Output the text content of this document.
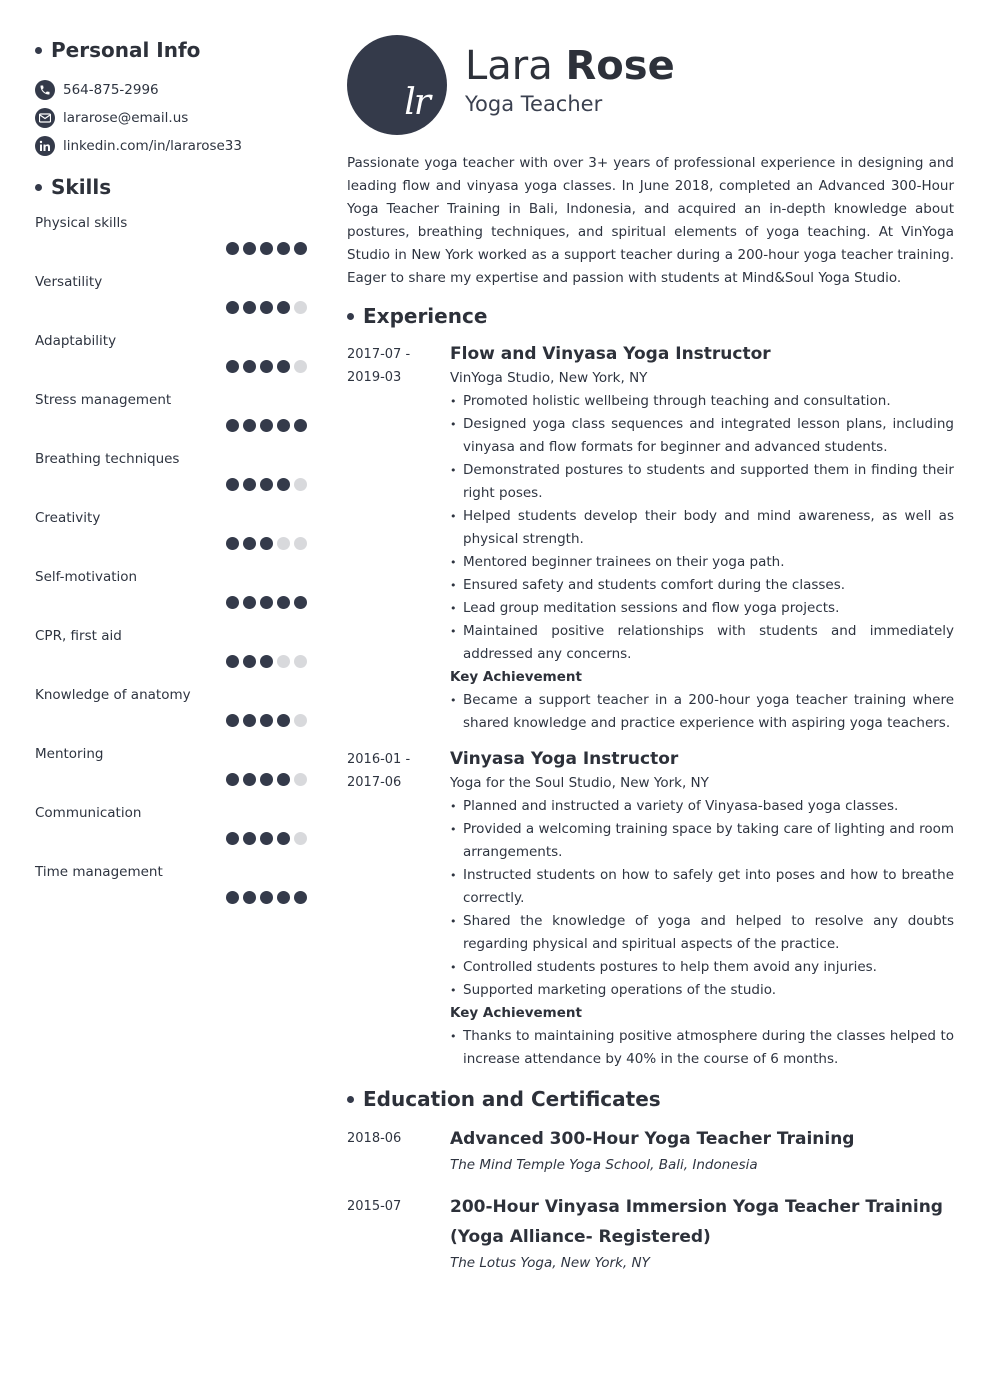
Personal Info
564-875-2996
lararose@email.us
linkedin.com/in/lararose33
Skills
Physical skills
Versatility
Adaptability
Stress management
Breathing techniques
Creativity
Self-motivation
CPR, first aid
Knowledge of anatomy
Mentoring
Communication
Time management
lr
Lara Rose
Yoga Teacher
Passionate yoga teacher with over 3+ years of professional experience in designing and leading flow and vinyasa yoga classes. In June 2018, completed an Advanced 300-Hour Yoga Teacher Training in Bali, Indonesia, and acquired an in-depth knowledge about postures, breathing techniques, and spiritual elements of yoga teaching. At VinYoga Studio in New York worked as a support teacher during a 200-hour yoga teacher training. Eager to share my expertise and passion with students at Mind&Soul Yoga Studio.
Experience
2017-07 -
2019-03
Flow and Vinyasa Yoga Instructor
VinYoga Studio, New York, NY
• Promoted holistic wellbeing through teaching and consultation.
• Designed yoga class sequences and integrated lesson plans, including vinyasa and flow formats for beginner and advanced students.
• Demonstrated postures to students and supported them in finding their right poses.
• Helped students develop their body and mind awareness, as well as physical strength.
• Mentored beginner trainees on their yoga path.
• Ensured safety and students comfort during the classes.
• Lead group meditation sessions and flow yoga projects.
• Maintained positive relationships with students and immediately addressed any concerns.
Key Achievement
• Became a support teacher in a 200-hour yoga teacher training where shared knowledge and practice experience with aspiring yoga teachers.
2016-01 -
2017-06
Vinyasa Yoga Instructor
Yoga for the Soul Studio, New York, NY
• Planned and instructed a variety of Vinyasa-based yoga classes.
• Provided a welcoming training space by taking care of lighting and room arrangements.
• Instructed students on how to safely get into poses and how to breathe correctly.
• Shared the knowledge of yoga and helped to resolve any doubts regarding physical and spiritual aspects of the practice.
• Controlled students postures to help them avoid any injuries.
• Supported marketing operations of the studio.
Key Achievement
• Thanks to maintaining positive atmosphere during the classes helped to increase attendance by 40% in the course of 6 months.
Education and Certificates
2018-06	Advanced 300-Hour Yoga Teacher Training
The Mind Temple Yoga School, Bali, Indonesia
2015-07	200-Hour Vinyasa Immersion Yoga Teacher Training (Yoga Alliance- Registered)
The Lotus Yoga, New York, NY
